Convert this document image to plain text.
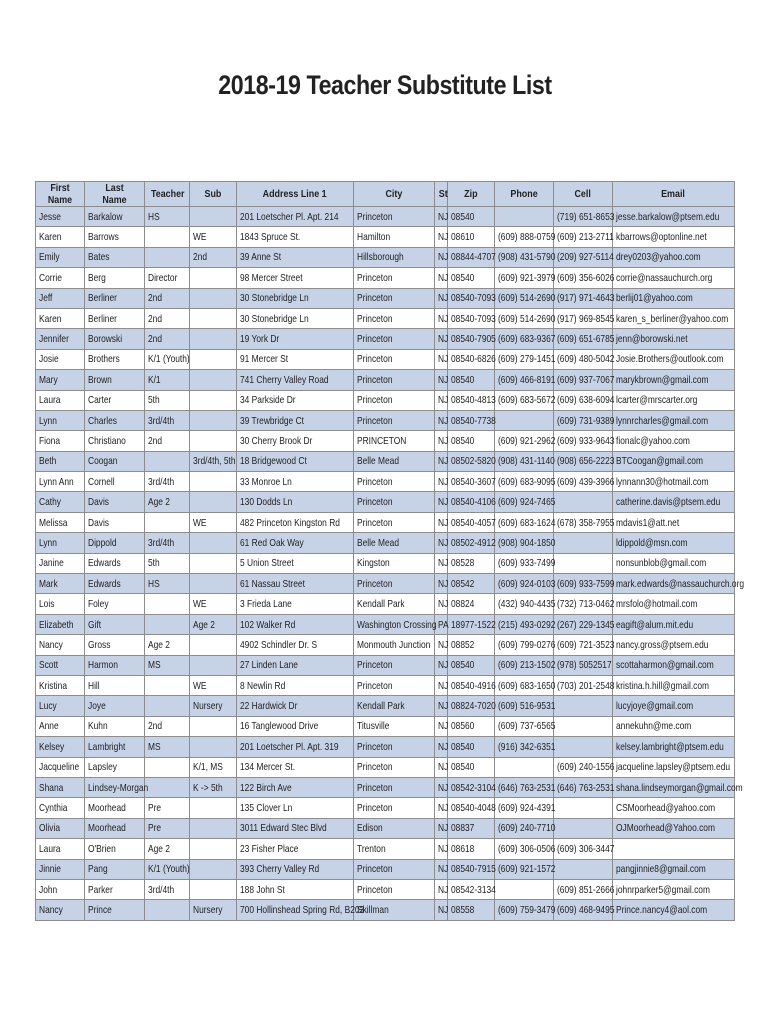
2018-19 Teacher Substitute List
First Name	Last Name	Teacher	Sub	Address Line 1	City	St	Zip	Phone	Cell	Email
Jesse	Barkalow	HS		201 Loetscher Pl. Apt. 214	Princeton	NJ	08540		(719) 651-8653	jesse.barkalow@ptsem.edu
Karen	Barrows		WE	1843 Spruce St.	Hamilton	NJ	08610	(609) 888-0759	(609) 213-2711	kbarrows@optonline.net
Emily	Bates		2nd	39 Anne St	Hillsborough	NJ	08844-4707	(908) 431-5790	(209) 927-5114	drey0203@yahoo.com
Corrie	Berg	Director		98 Mercer Street	Princeton	NJ	08540	(609) 921-3979	(609) 356-6026	corrie@nassauchurch.org
Jeff	Berliner	2nd		30 Stonebridge Ln	Princeton	NJ	08540-7093	(609) 514-2690	(917) 971-4643	berlij01@yahoo.com
Karen	Berliner	2nd		30 Stonebridge Ln	Princeton	NJ	08540-7093	(609) 514-2690	(917) 969-8545	karen_s_berliner@yahoo.com
Jennifer	Borowski	2nd		19 York Dr	Princeton	NJ	08540-7905	(609) 683-9367	(609) 651-6785	jenn@borowski.net
Josie	Brothers	K/1 (Youth)		91 Mercer St	Princeton	NJ	08540-6826	(609) 279-1451	(609) 480-5042	Josie.Brothers@outlook.com
Mary	Brown	K/1		741 Cherry Valley Road	Princeton	NJ	08540	(609) 466-8191	(609) 937-7067	marykbrown@gmail.com
Laura	Carter	5th		34 Parkside Dr	Princeton	NJ	08540-4813	(609) 683-5672	(609) 638-6094	lcarter@mrscarter.org
Lynn	Charles	3rd/4th		39 Trewbridge Ct	Princeton	NJ	08540-7738		(609) 731-9389	lynnrcharles@gmail.com
Fiona	Christiano	2nd		30 Cherry Brook Dr	PRINCETON	NJ	08540	(609) 921-2962	(609) 933-9643	fionalc@yahoo.com
Beth	Coogan		3rd/4th, 5th	18 Bridgewood Ct	Belle Mead	NJ	08502-5820	(908) 431-1140	(908) 656-2223	BTCoogan@gmail.com
Lynn Ann	Cornell	3rd/4th		33 Monroe Ln	Princeton	NJ	08540-3607	(609) 683-9095	(609) 439-3966	lynnann30@hotmail.com
Cathy	Davis	Age 2		130 Dodds Ln	Princeton	NJ	08540-4106	(609) 924-7465		catherine.davis@ptsem.edu
Melissa	Davis		WE	482 Princeton Kingston Rd	Princeton	NJ	08540-4057	(609) 683-1624	(678) 358-7955	mdavis1@att.net
Lynn	Dippold	3rd/4th		61 Red Oak Way	Belle Mead	NJ	08502-4912	(908) 904-1850		ldippold@msn.com
Janine	Edwards	5th		5 Union Street	Kingston	NJ	08528	(609) 933-7499		nonsunblob@gmail.com
Mark	Edwards	HS		61 Nassau Street	Princeton	NJ	08542	(609) 924-0103	(609) 933-7599	mark.edwards@nassauchurch.org
Lois	Foley		WE	3 Frieda Lane	Kendall Park	NJ	08824	(432) 940-4435	(732) 713-0462	mrsfolo@hotmail.com
Elizabeth	Gift		Age 2	102 Walker Rd	Washington Crossing	PA	18977-1522	(215) 493-0292	(267) 229-1345	eagift@alum.mit.edu
Nancy	Gross	Age 2		4902 Schindler Dr. S	Monmouth Junction	NJ	08852	(609) 799-0276	(609) 721-3523	nancy.gross@ptsem.edu
Scott	Harmon	MS		27 Linden Lane	Princeton	NJ	08540	(609) 213-1502	(978) 5052517	scottaharmon@gmail.com
Kristina	Hill		WE	8 Newlin Rd	Princeton	NJ	08540-4916	(609) 683-1650	(703) 201-2548	kristina.h.hill@gmail.com
Lucy	Joye		Nursery	22 Hardwick Dr	Kendall Park	NJ	08824-7020	(609) 516-9531		lucyjoye@gmail.com
Anne	Kuhn	2nd		16 Tanglewood Drive	Titusville	NJ	08560	(609) 737-6565		annekuhn@me.com
Kelsey	Lambright	MS		201 Loetscher Pl. Apt. 319	Princeton	NJ	08540	(916) 342-6351		kelsey.lambright@ptsem.edu
Jacqueline	Lapsley		K/1, MS	134 Mercer St.	Princeton	NJ	08540		(609) 240-1556	jacqueline.lapsley@ptsem.edu
Shana	Lindsey-Morgan		K -> 5th	122 Birch Ave	Princeton	NJ	08542-3104	(646) 763-2531	(646) 763-2531	shana.lindseymorgan@gmail.com
Cynthia	Moorhead	Pre		135 Clover Ln	Princeton	NJ	08540-4048	(609) 924-4391		CSMoorhead@yahoo.com
Olivia	Moorhead	Pre		3011 Edward Stec Blvd	Edison	NJ	08837	(609) 240-7710		OJMoorhead@Yahoo.com
Laura	O'Brien	Age 2		23 Fisher Place	Trenton	NJ	08618	(609) 306-0506	(609) 306-3447	
Jinnie	Pang	K/1 (Youth)		393 Cherry Valley Rd	Princeton	NJ	08540-7915	(609) 921-1572		pangjinnie8@gmail.com
John	Parker	3rd/4th		188 John St	Princeton	NJ	08542-3134		(609) 851-2666	johnrparker5@gmail.com
Nancy	Prince		Nursery	700 Hollinshead Spring Rd, B203	Skillman	NJ	08558	(609) 759-3479	(609) 468-9495	Prince.nancy4@aol.com
